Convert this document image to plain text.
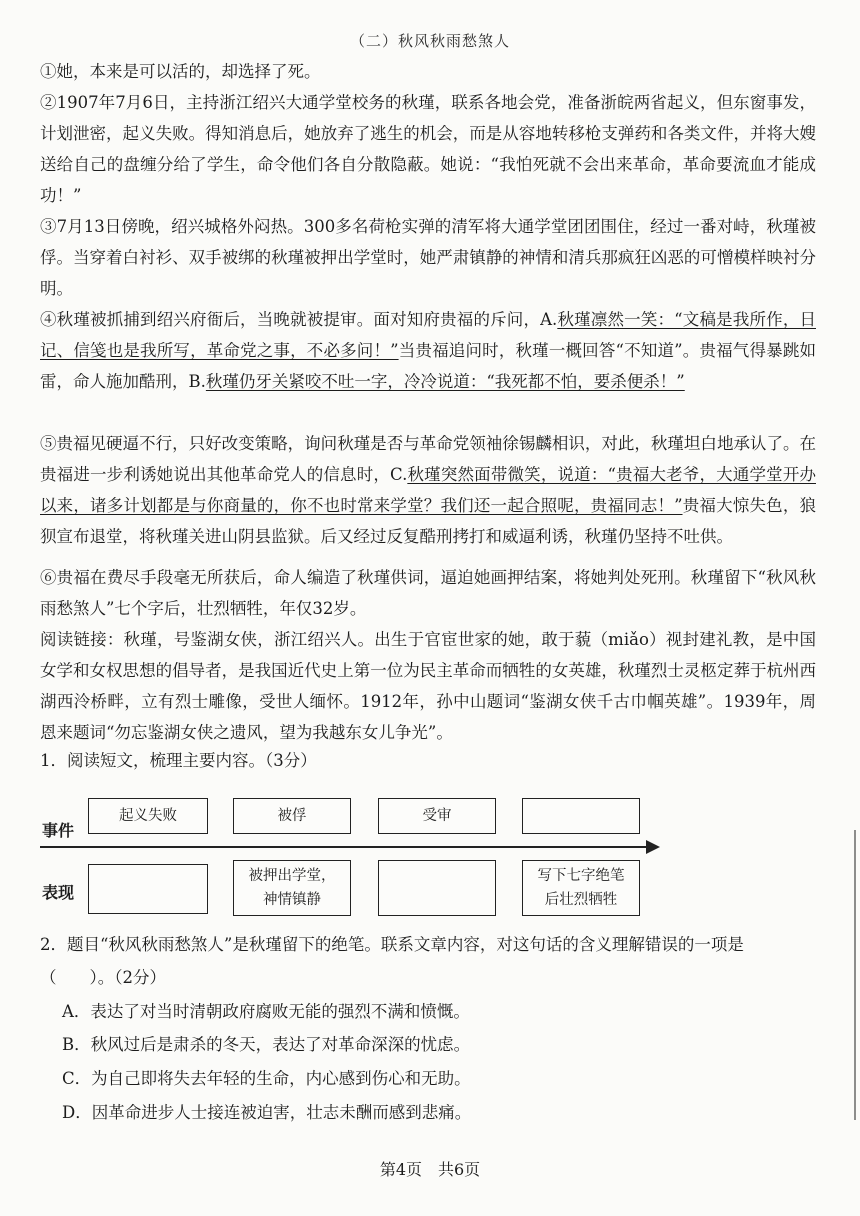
（二）秋风秋雨愁煞人

①她，本来是可以活的，却选择了死。

②1907年7月6日，主持浙江绍兴大通学堂校务的秋瑾，联系各地会党，准备浙皖两省起义，但东窗事发，计划泄密，起义失败。得知消息后，她放弃了逃生的机会，而是从容地转移枪支弹药和各类文件，并将大嫂送给自己的盘缠分给了学生，命令他们各自分散隐蔽。她说：“我怕死就不会出来革命，革命要流血才能成功！”

③7月13日傍晚，绍兴城格外闷热。300多名荷枪实弹的清军将大通学堂团团围住，经过一番对峙，秋瑾被俘。当穿着白衬衫、双手被绑的秋瑾被押出学堂时，她严肃镇静的神情和清兵那疯狂凶恶的可憎模样映衬分明。

④秋瑾被抓捕到绍兴府衙后，当晚就被提审。面对知府贵福的斥问，A.秋瑾凛然一笑：“文稿是我所作，日记、信笺也是我所写，革命党之事，不必多问！”当贵福追问时，秋瑾一概回答“不知道”。贵福气得暴跳如雷，命人施加酷刑，B.秋瑾仍牙关紧咬不吐一字，冷冷说道：“我死都不怕，要杀便杀！”

⑤贵福见硬逼不行，只好改变策略，询问秋瑾是否与革命党领袖徐锡麟相识，对此，秋瑾坦白地承认了。在贵福进一步利诱她说出其他革命党人的信息时，C.秋瑾突然面带微笑，说道：“贵福大老爷，大通学堂开办以来，诸多计划都是与你商量的，你不也时常来学堂？我们还一起合照呢，贵福同志！”贵福大惊失色，狼狈宣布退堂，将秋瑾关进山阴县监狱。后又经过反复酷刑拷打和威逼利诱，秋瑾仍坚持不吐供。

⑥贵福在费尽手段毫无所获后，命人编造了秋瑾供词，逼迫她画押结案，将她判处死刑。秋瑾留下“秋风秋雨愁煞人”七个字后，壮烈牺牲，年仅32岁。

阅读链接：秋瑾，号鉴湖女侠，浙江绍兴人。出生于官宦世家的她，敢于藐（miǎo）视封建礼教，是中国女学和女权思想的倡导者，是我国近代史上第一位为民主革命而牺牲的女英雄，秋瑾烈士灵柩定葬于杭州西湖西泠桥畔，立有烈士雕像，受世人缅怀。1912年，孙中山题词“鉴湖女侠千古巾帼英雄”。1939年，周恩来题词“勿忘鉴湖女侠之遗风，望为我越东女儿争光”。

1．阅读短文，梳理主要内容。（3分）
事件
表现
起义失败	被俘	受审
被押出学堂，
神情镇静
写下七字绝笔
后壮烈牺牲
2．题目“秋风秋雨愁煞人”是秋瑾留下的绝笔。联系文章内容，对这句话的含义理解错误的一项是（　　）。（2分）
A．表达了对当时清朝政府腐败无能的强烈不满和愤慨。
B．秋风过后是肃杀的冬天，表达了对革命深深的忧虑。
C．为自己即将失去年轻的生命，内心感到伤心和无助。
D．因革命进步人士接连被迫害，壮志未酬而感到悲痛。
第4页　共6页
